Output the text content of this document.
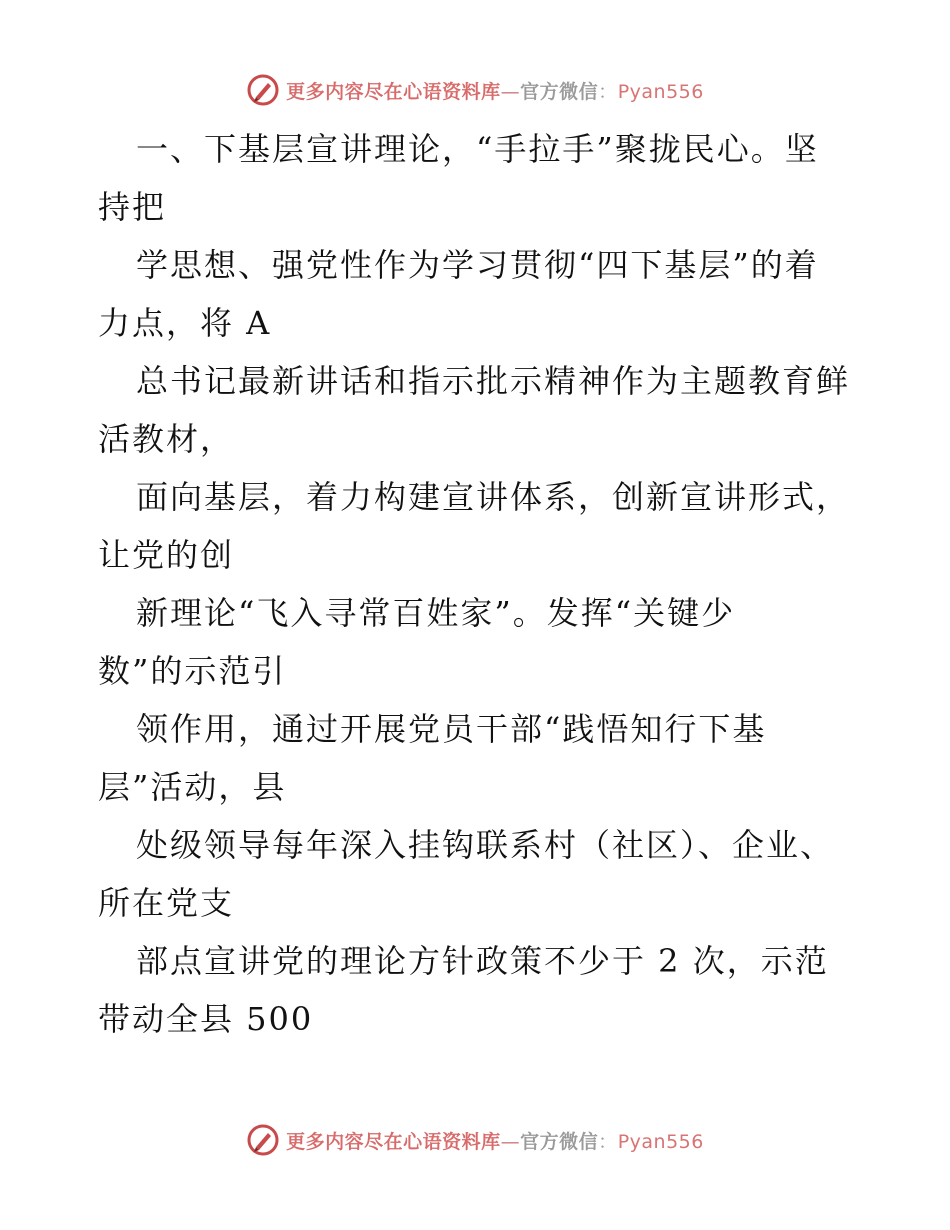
更多内容尽在心语资料库—官方微信：Pyan556
一、下基层宣讲理论，“手拉手”聚拢民心。坚
持把
学思想、强党性作为学习贯彻“四下基层”的着
力点，将 A
总书记最新讲话和指示批示精神作为主题教育鲜
活教材，
面向基层，着力构建宣讲体系，创新宣讲形式，
让党的创
新理论“飞入寻常百姓家”。发挥“关键少
数”的示范引
领作用，通过开展党员干部“践悟知行下基
层”活动，县
处级领导每年深入挂钩联系村（社区）、企业、
所在党支
部点宣讲党的理论方针政策不少于 2 次，示范
带动全县 500
更多内容尽在心语资料库—官方微信：Pyan556
